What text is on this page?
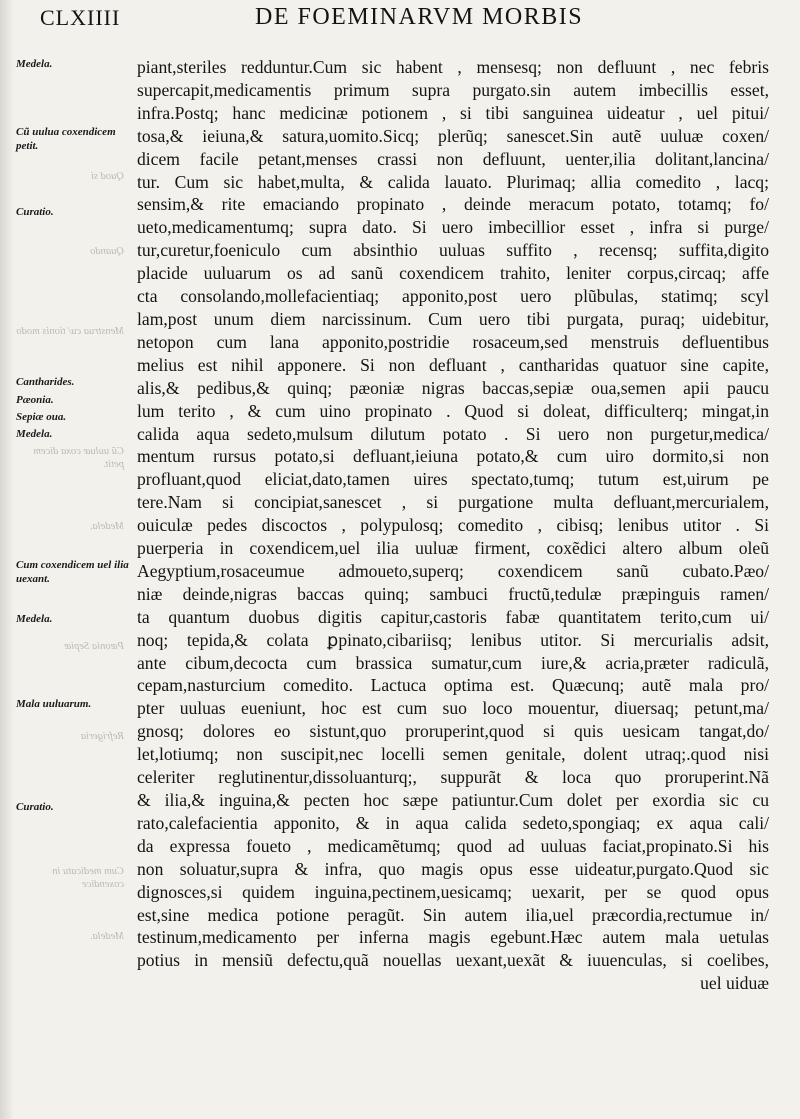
CLXIIII	DE FOEMINARVM MORBIS
Quod si
Quando
Menstrua cu/ tionis modo
Cũ uuluæ coxa dicem petit.
Medela.
Pæonia Sepiæ
Refrigeria
Cum medicatu in coxendice
Medela.
Medela.
Cũ uulua coxendicem petit.
Curatio.
Cantharides.
Pæonia.
Sepiæ oua.
Medela.
Cum coxendicem uel ilia uexant.
Medela.
Mala uuluarum.
Curatio.
piant,steriles redduntur.Cum sic habent , mensesq; non defluunt , nec febris
supercapit,medicamentis primum supra purgato.sin autem imbecillis esset,
infra.Postq; hanc medicinæ potionem , si tibi sanguinea uideatur , uel pitui/
tosa,& ieiuna,& satura,uomito.Sicq; plerũq; sanescet.Sin autẽ uuluæ coxen/
dicem facile petant,menses crassi non defluunt, uenter,ilia dolitant,lancina/
tur. Cum sic habet,multa, & calida lauato. Plurimaq; allia comedito , lacq;
sensim,& rite emaciando propinato , deinde meracum potato, totamq; fo/
ueto,medicamentumq; supra dato. Si uero imbecillior esset , infra si purge/
tur,curetur,foeniculo cum absinthio uuluas suffito , recensq; suffita,digito
placide uuluarum os ad sanũ coxendicem trahito, leniter corpus,circaq; affe
cta consolando,mollefacientiaq; apponito,post uero plũbulas, statimq; scyl
lam,post unum diem narcissinum. Cum uero tibi purgata, puraq; uidebitur,
netopon cum lana apponito,postridie rosaceum,sed menstruis defluentibus
melius est nihil apponere. Si non defluant , cantharidas quatuor sine capite,
alis,& pedibus,& quinq; pæoniæ nigras baccas,sepiæ oua,semen apii paucu
lum terito , & cum uino propinato . Quod si doleat, difficulterq; mingat,in
calida aqua sedeto,mulsum dilutum potato . Si uero non purgetur,medica/
mentum rursus potato,si defluant,ieiuna potato,& cum uiro dormito,si non
profluant,quod eliciat,dato,tamen uires spectato,tumq; tutum est,uirum pe
tere.Nam si concipiat,sanescet , si purgatione multa defluant,mercurialem,
ouiculæ pedes discoctos , polypulosq; comedito , cibisq; lenibus utitor . Si
puerperia in coxendicem,uel ilia uuluæ firment, coxẽdici altero album oleũ
Aegyptium,rosaceumue admoueto,superq; coxendicem sanũ cubato.Pæo/
niæ deinde,nigras baccas quinq; sambuci fructũ,tedulæ præpinguis ramen/
ta quantum duobus digitis capitur,castoris fabæ quantitatem terito,cum ui/
noq; tepida,& colata ꝑpinato,cibariisq; lenibus utitor. Si mercurialis adsit,
ante cibum,decocta cum brassica sumatur,cum iure,& acria,præter radiculã,
cepam,nasturcium comedito. Lactuca optima est. Quæcunq; autẽ mala pro/
pter uuluas eueniunt, hoc est cum suo loco mouentur, diuersaq; petunt,ma/
gnosq; dolores eo sistunt,quo proruperint,quod si quis uesicam tangat,do/
let,lotiumq; non suscipit,nec locelli semen genitale, dolent utraq;.quod nisi
celeriter reglutinentur,dissoluanturq;, suppurãt & loca quo proruperint.Nã
& ilia,& inguina,& pecten hoc sæpe patiuntur.Cum dolet per exordia sic cu
rato,calefacientia apponito, & in aqua calida sedeto,spongiaq; ex aqua cali/
da expressa foueto , medicamẽtumq; quod ad uuluas faciat,propinato.Si his
non soluatur,supra & infra, quo magis opus esse uideatur,purgato.Quod sic
dignosces,si quidem inguina,pectinem,uesicamq; uexarit, per se quod opus
est,sine medica potione peragũt. Sin autem ilia,uel præcordia,rectumue in/
testinum,medicamento per inferna magis egebunt.Hæc autem mala uetulas
potius in mensiũ defectu,quã nouellas uexant,uexãt & iuuenculas, si coelibes,
uel uiduæ
